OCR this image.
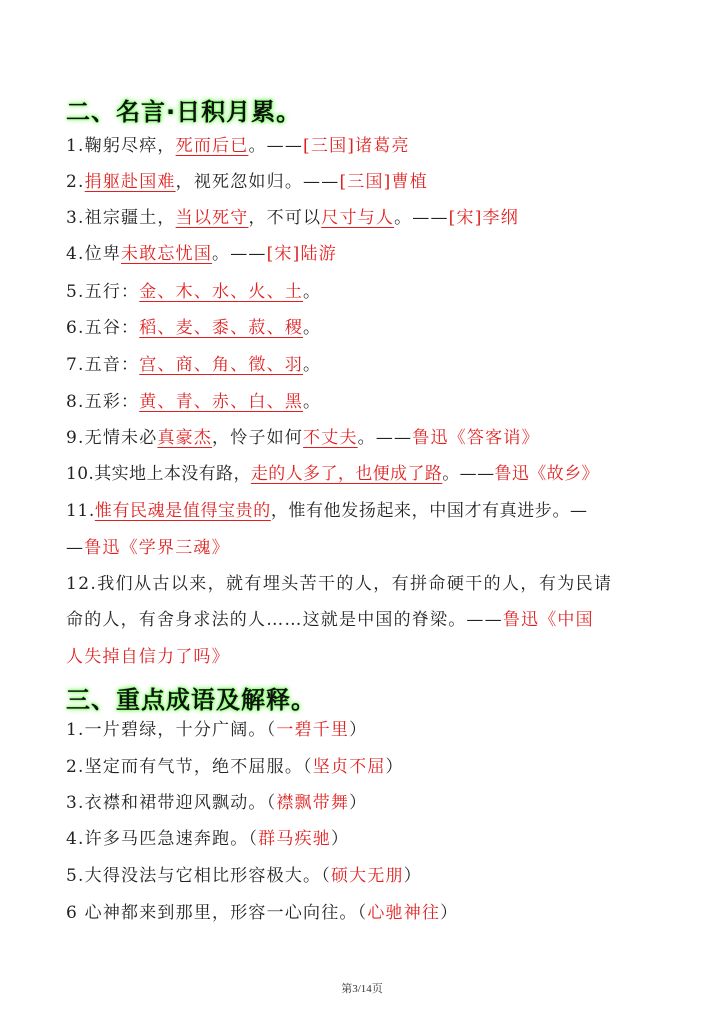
二、名言·日积月累。
1.鞠躬尽瘁，死而后已。——[三国]诸葛亮
2.捐躯赴国难，视死忽如归。——[三国]曹植
3.祖宗疆土，当以死守，不可以尺寸与人。——[宋]李纲
4.位卑未敢忘忧国。——[宋]陆游
5.五行：金、木、水、火、土。
6.五谷：稻、麦、黍、菽、稷。
7.五音：宫、商、角、徵、羽。
8.五彩：黄、青、赤、白、黑。
9.无情未必真豪杰，怜子如何不丈夫。——鲁迅《答客诮》
10.其实地上本没有路，走的人多了，也便成了路。——鲁迅《故乡》
11.惟有民魂是值得宝贵的，惟有他发扬起来，中国才有真进步。—
—鲁迅《学界三魂》
12.我们从古以来，就有埋头苦干的人，有拼命硬干的人，有为民请
命的人，有舍身求法的人……这就是中国的脊梁。——鲁迅《中国
人失掉自信力了吗》
三、重点成语及解释。
1.一片碧绿，十分广阔。（一碧千里）
2.坚定而有气节，绝不屈服。（坚贞不屈）
3.衣襟和裙带迎风飘动。（襟飘带舞）
4.许多马匹急速奔跑。（群马疾驰）
5.大得没法与它相比形容极大。（硕大无朋）
6 心神都来到那里，形容一心向往。（心驰神往）
第3/14页
